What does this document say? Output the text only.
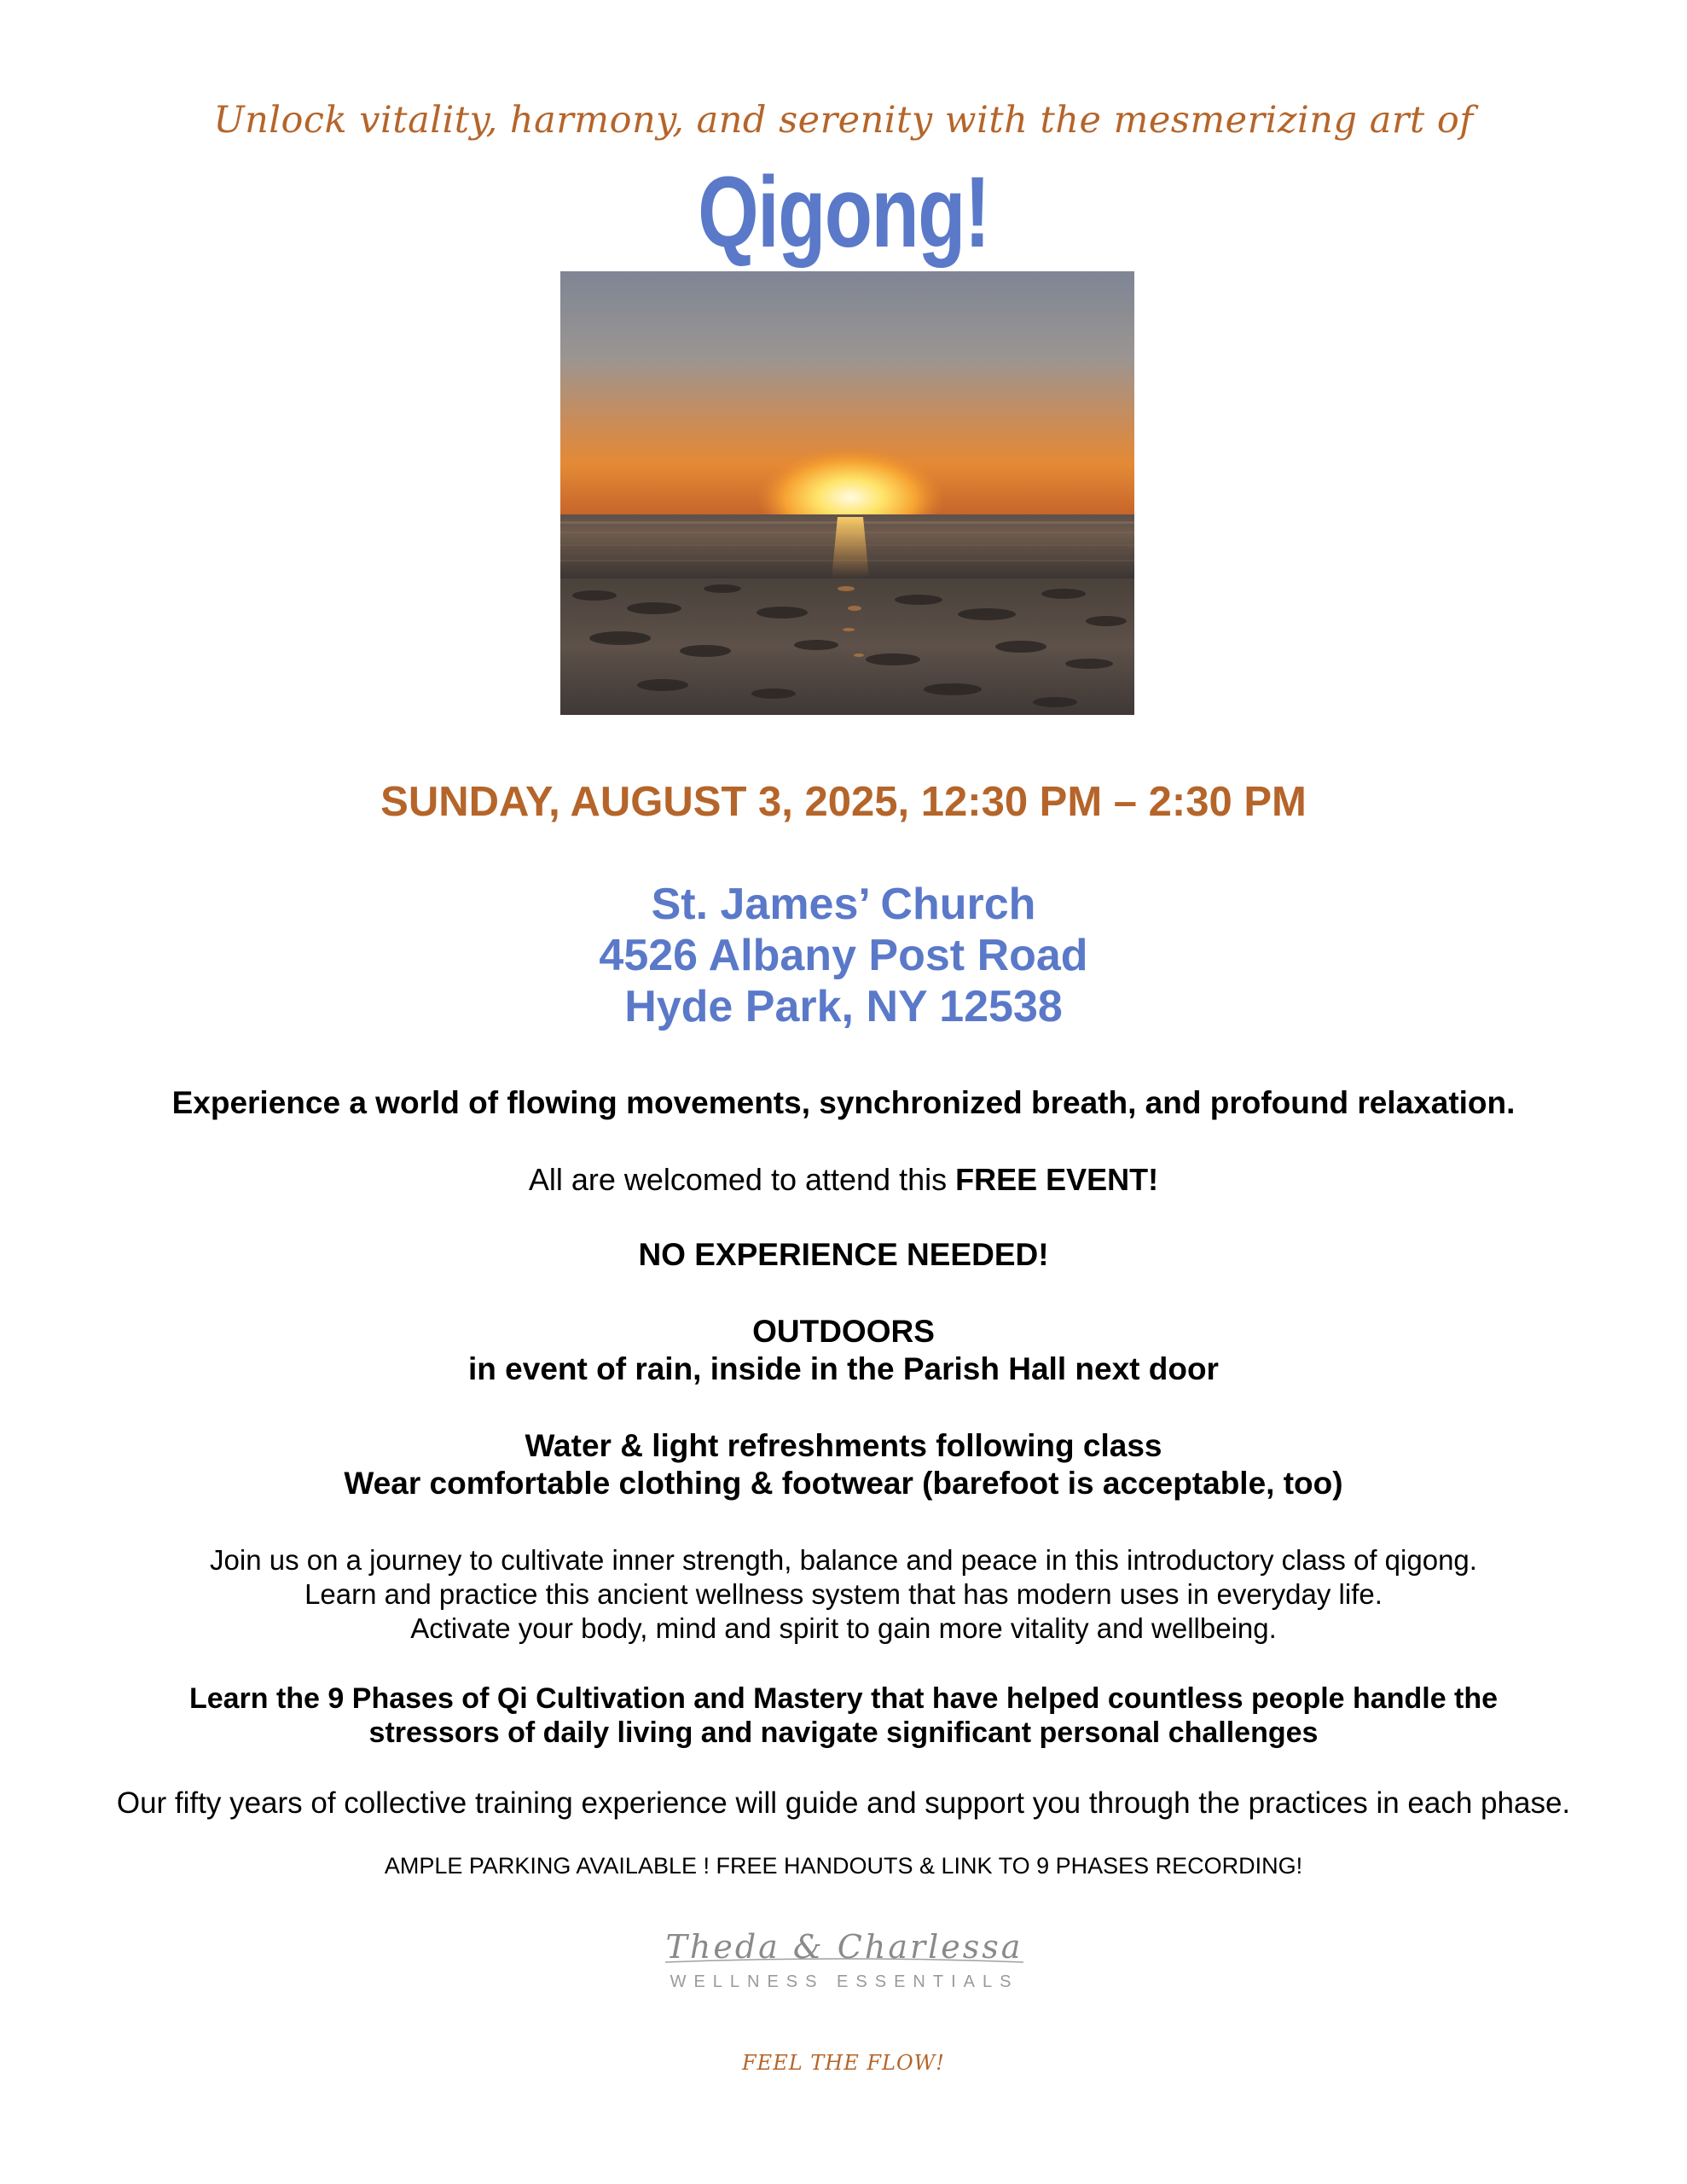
Unlock vitality, harmony, and serenity with the mesmerizing art of
Qigong!
SUNDAY, AUGUST 3, 2025, 12:30 PM – 2:30 PM
St. James’ Church
4526 Albany Post Road
Hyde Park, NY 12538
Experience a world of flowing movements, synchronized breath, and profound relaxation.
All are welcomed to attend this FREE EVENT!
NO EXPERIENCE NEEDED!
OUTDOORS
in event of rain, inside in the Parish Hall next door
Water & light refreshments following class
Wear comfortable clothing & footwear (barefoot is acceptable, too)
Join us on a journey to cultivate inner strength, balance and peace in this introductory class of qigong.
Learn and practice this ancient wellness system that has modern uses in everyday life.
Activate your body, mind and spirit to gain more vitality and wellbeing.
Learn the 9 Phases of Qi Cultivation and Mastery that have helped countless people handle the
stressors of daily living and navigate significant personal challenges
Our fifty years of collective training experience will guide and support you through the practices in each phase.
AMPLE PARKING AVAILABLE ! FREE HANDOUTS & LINK TO 9 PHASES RECORDING!
Theda & Charlessa
WELLNESS ESSENTIALS
FEEL THE FLOW!
